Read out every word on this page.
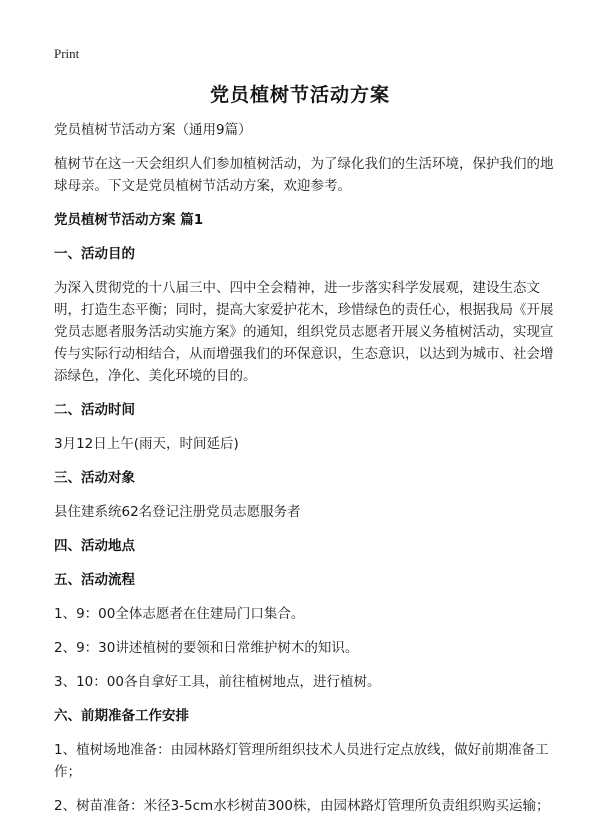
Print
党员植树节活动方案

党员植树节活动方案（通用9篇）

植树节在这一天会组织人们参加植树活动，为了绿化我们的生活环境，保护我们的地球母亲。下文是党员植树节活动方案，欢迎参考。

党员植树节活动方案 篇1

一、活动目的

为深入贯彻党的十八届三中、四中全会精神，进一步落实科学发展观，建设生态文明，打造生态平衡；同时，提高大家爱护花木，珍惜绿色的责任心，根据我局《开展党员志愿者服务活动实施方案》的通知，组织党员志愿者开展义务植树活动，实现宣传与实际行动相结合，从而增强我们的环保意识，生态意识，以达到为城市、社会增添绿色，净化、美化环境的目的。

二、活动时间

3月12日上午(雨天，时间延后)

三、活动对象

县住建系统62名登记注册党员志愿服务者

四、活动地点

五、活动流程

1、9：00全体志愿者在住建局门口集合。

2、9：30讲述植树的要领和日常维护树木的知识。

3、10：00各自拿好工具，前往植树地点，进行植树。

六、前期准备工作安排

1、植树场地准备：由园林路灯管理所组织技术人员进行定点放线，做好前期准备工作；

2、树苗准备：米径3-5cm水杉树苗300株，由园林路灯管理所负责组织购买运输；
